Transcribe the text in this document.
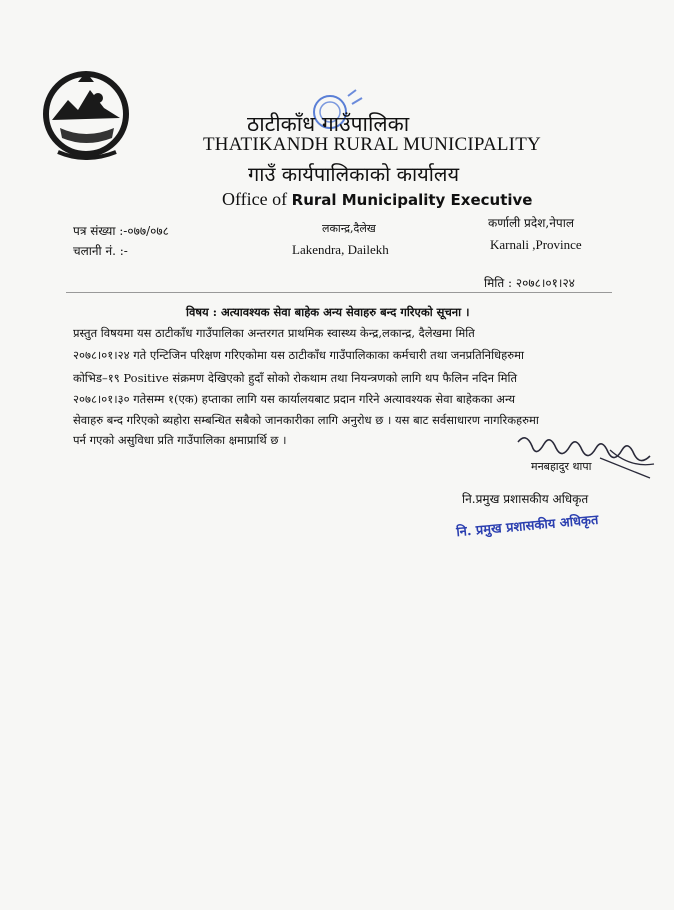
ठाटीकाँध गाउँपालिका
THATIKANDH RURAL MUNICIPALITY
गाउँ कार्यपालिकाको कार्यालय
Office of Rural Municipality Executive
पत्र संख्या :-०७७/०७८
चलानी नं. :-
लकान्द्र,दैलेख
Lakendra, Dailekh
कर्णाली प्रदेश,नेपाल
Karnali ,Province
मिति : २०७८।०१।२४
विषय : अत्यावश्यक सेवा बाहेक अन्य सेवाहरु बन्द गरिएको सूचना ।
प्रस्तुत विषयमा यस ठाटीकाँध गाउँपालिका अन्तरगत प्राथमिक स्वास्थ्य केन्द्र,लकान्द्र, दैलेखमा मिति
२०७८।०१।२४ गते एन्टिजिन परिक्षण गरिएकोमा यस ठाटीकाँध गाउँपालिकाका कर्मचारी तथा जनप्रतिनिधिहरुमा
कोभिड–१९ Positive संक्रमण देखिएको हुदाँ सोको रोकथाम तथा नियन्त्रणको लागि थप फैलिन नदिन मिति
२०७८।०१।३० गतेसम्म १(एक) हप्ताका लागि यस कार्यालयबाट प्रदान गरिने अत्यावश्यक सेवा बाहेकका अन्य
सेवाहरु बन्द गरिएको ब्यहोरा सम्बन्धित सबैको जानकारीका लागि अनुरोध छ । यस बाट सर्वसाधारण नागरिकहरुमा
पर्न गएको असुविधा प्रति गाउँपालिका क्षमाप्रार्थि छ ।
मनबहादुर थापा
नि.प्रमुख प्रशासकीय अधिकृत
नि. प्रमुख प्रशासकीय अधिकृत
